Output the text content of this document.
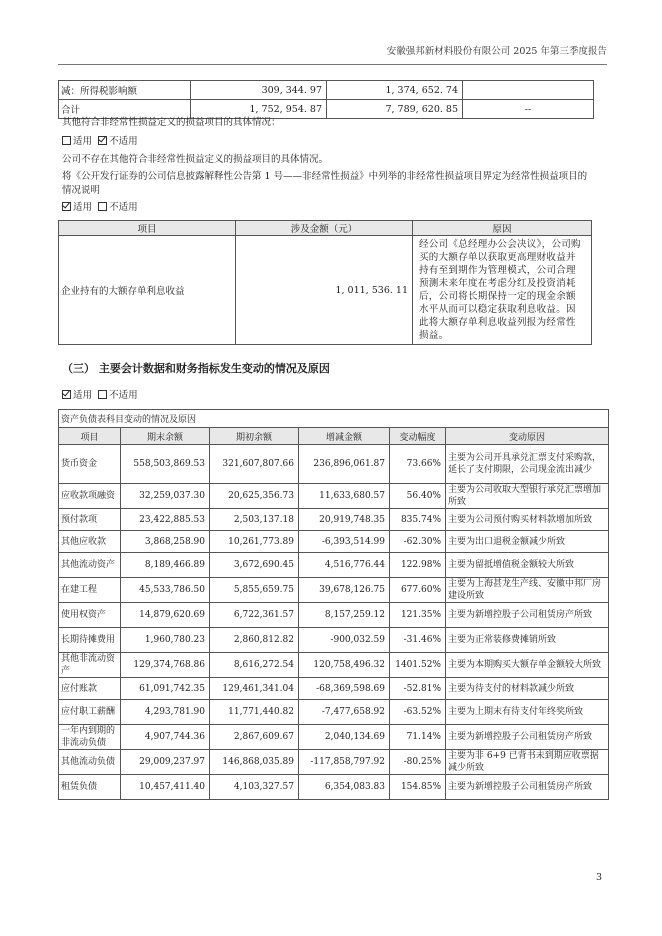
安徽强邦新材料股份有限公司 2025 年第三季度报告
减：所得税影响额	309, 344. 97	1, 374, 652. 74	
合计	1, 752, 954. 87	7, 789, 620. 85	--
其他符合非经常性损益定义的损益项目的具体情况：
适用 不适用
公司不存在其他符合非经常性损益定义的损益项目的具体情况。
将《公开发行证券的公司信息披露解释性公告第 1 号——非经常性损益》中列举的非经常性损益项目界定为经常性损益项目的情况说明
适用 不适用
项目	涉及金额（元）	原因
企业持有的大额存单利息收益	1, 011, 536. 11	经公司《总经理办公会决议》，公司购买的大额存单以获取更高理财收益并持有至到期作为管理模式，公司合理预测未来年度在考虑分红及投资消耗后，公司将长期保持一定的现金余额水平从而可以稳定获取利息收益。因此将大额存单利息收益列报为经常性损益。
（三） 主要会计数据和财务指标发生变动的情况及原因
适用 不适用
资产负债表科目变动的情况及原因					
项目	期末余额	期初余额	增减金额	变动幅度	变动原因
货币资金	558,503,869.53	321,607,807.66	236,896,061.87	73.66%	主要为公司开具承兑汇票支付采购款，延长了支付期限，公司现金流出减少
应收款项融资	32,259,037.30	20,625,356.73	11,633,680.57	56.40%	主要为公司收取大型银行承兑汇票增加所致
预付款项	23,422,885.53	2,503,137.18	20,919,748.35	835.74%	主要为公司预付购买材料款增加所致
其他应收款	3,868,258.90	10,261,773.89	-6,393,514.99	-62.30%	主要为出口退税金额减少所致
其他流动资产	8,189,466.89	3,672,690.45	4,516,776.44	122.98%	主要为留抵增值税金额较大所致
在建工程	45,533,786.50	5,855,659.75	39,678,126.75	677.60%	主要为上海甚龙生产线、安徽中邦厂房建设所致
使用权资产	14,879,620.69	6,722,361.57	8,157,259.12	121.35%	主要为新增控股子公司租赁房产所致
长期待摊费用	1,960,780.23	2,860,812.82	-900,032.59	-31.46%	主要为正常装修费摊销所致
其他非流动资产	129,374,768.86	8,616,272.54	120,758,496.32	1401.52%	主要为本期购买大额存单金额较大所致
应付账款	61,091,742.35	129,461,341.04	-68,369,598.69	-52.81%	主要为待支付的材料款减少所致
应付职工薪酬	4,293,781.90	11,771,440.82	-7,477,658.92	-63.52%	主要为上期末有待支付年终奖所致
一年内到期的非流动负债	4,907,744.36	2,867,609.67	2,040,134.69	71.14%	主要为新增控股子公司租赁房产所致
其他流动负债	29,009,237.97	146,868,035.89	-117,858,797.92	-80.25%	主要为非 6+9 已背书未到期应收票据减少所致
租赁负债	10,457,411.40	4,103,327.57	6,354,083.83	154.85%	主要为新增控股子公司租赁房产所致
3
